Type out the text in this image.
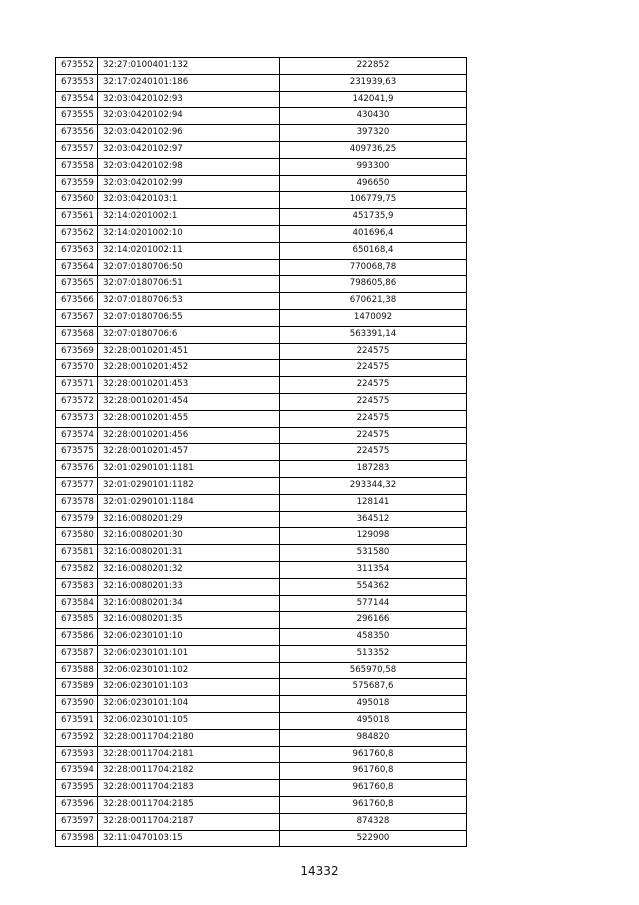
673552	32:27:0100401:132	222852
673553	32:17:0240101:186	231939,63
673554	32:03:0420102:93	142041,9
673555	32:03:0420102:94	430430
673556	32:03:0420102:96	397320
673557	32:03:0420102:97	409736,25
673558	32:03:0420102:98	993300
673559	32:03:0420102:99	496650
673560	32:03:0420103:1	106779,75
673561	32:14:0201002:1	451735,9
673562	32:14:0201002:10	401696,4
673563	32:14:0201002:11	650168,4
673564	32:07:0180706:50	770068,78
673565	32:07:0180706:51	798605,86
673566	32:07:0180706:53	670621,38
673567	32:07:0180706:55	1470092
673568	32:07:0180706:6	563391,14
673569	32:28:0010201:451	224575
673570	32:28:0010201:452	224575
673571	32:28:0010201:453	224575
673572	32:28:0010201:454	224575
673573	32:28:0010201:455	224575
673574	32:28:0010201:456	224575
673575	32:28:0010201:457	224575
673576	32:01:0290101:1181	187283
673577	32:01:0290101:1182	293344,32
673578	32:01:0290101:1184	128141
673579	32:16:0080201:29	364512
673580	32:16:0080201:30	129098
673581	32:16:0080201:31	531580
673582	32:16:0080201:32	311354
673583	32:16:0080201:33	554362
673584	32:16:0080201:34	577144
673585	32:16:0080201:35	296166
673586	32:06:0230101:10	458350
673587	32:06:0230101:101	513352
673588	32:06:0230101:102	565970,58
673589	32:06:0230101:103	575687,6
673590	32:06:0230101:104	495018
673591	32:06:0230101:105	495018
673592	32:28:0011704:2180	984820
673593	32:28:0011704:2181	961760,8
673594	32:28:0011704:2182	961760,8
673595	32:28:0011704:2183	961760,8
673596	32:28:0011704:2185	961760,8
673597	32:28:0011704:2187	874328
673598	32:11:0470103:15	522900
14332
